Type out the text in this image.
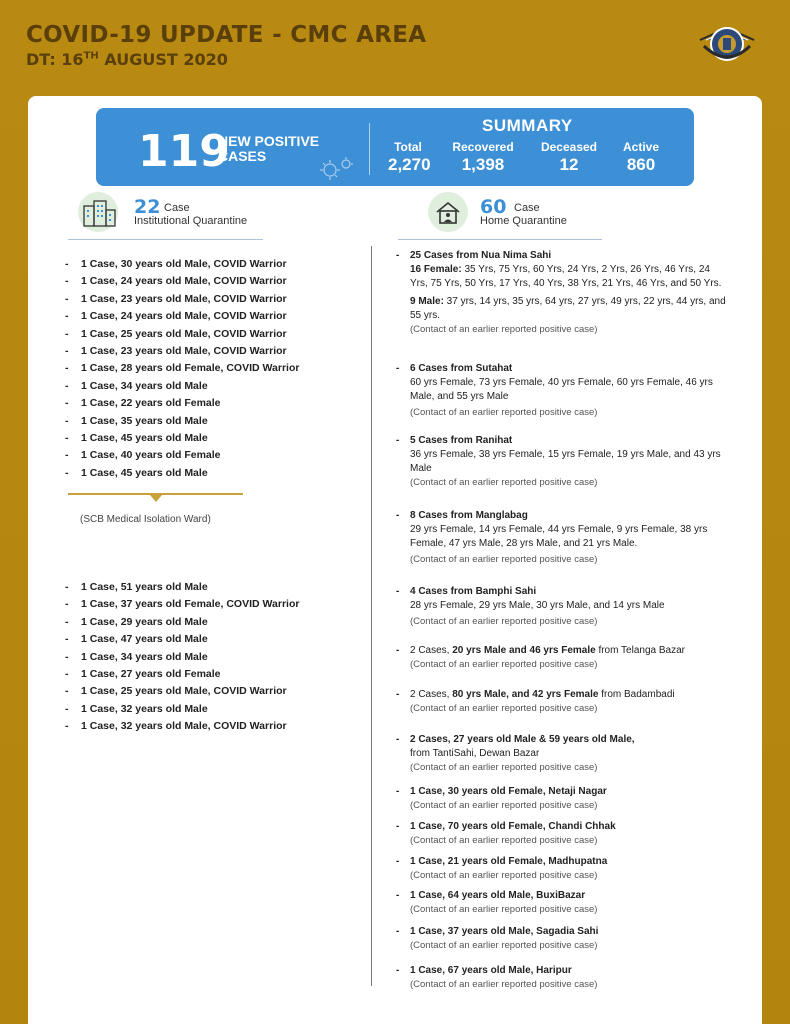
COVID-19 UPDATE - CMC AREA
DT: 16TH AUGUST 2020
119
NEW POSITIVE
CASES
SUMMARY
Total
2,270
Recovered
1,398
Deceased
12
Active
860
22 Case
Institutional Quarantine
60 Case
Home Quarantine
- 1 Case, 30 years old Male, COVID Warrior
- 1 Case, 24 years old Male, COVID Warrior
- 1 Case, 23 years old Male, COVID Warrior
- 1 Case, 24 years old Male, COVID Warrior
- 1 Case, 25 years old Male, COVID Warrior
- 1 Case, 23 years old Male, COVID Warrior
- 1 Case, 28 years old Female, COVID Warrior
- 1 Case, 34 years old Male
- 1 Case, 22 years old Female
- 1 Case, 35 years old Male
- 1 Case, 45 years old Male
- 1 Case, 40 years old Female
- 1 Case, 45 years old Male
(SCB Medical Isolation Ward)
- 1 Case, 51 years old Male
- 1 Case, 37 years old Female, COVID Warrior
- 1 Case, 29 years old Male
- 1 Case, 47 years old Male
- 1 Case, 34 years old Male
- 1 Case, 27 years old Female
- 1 Case, 25 years old Male, COVID Warrior
- 1 Case, 32 years old Male
- 1 Case, 32 years old Male, COVID Warrior
- 25 Cases from Nua Nima Sahi
16 Female: 35 Yrs, 75 Yrs, 60 Yrs, 24 Yrs, 2 Yrs, 26 Yrs, 46 Yrs, 24 Yrs, 75 Yrs, 50 Yrs, 17 Yrs, 40 Yrs, 38 Yrs, 21 Yrs, 46 Yrs, and 50 Yrs.
9 Male: 37 yrs, 14 yrs, 35 yrs, 64 yrs, 27 yrs, 49 yrs, 22 yrs, 44 yrs, and 55 yrs.
(Contact of an earlier reported positive case)
- 6 Cases from Sutahat
60 yrs Female, 73 yrs Female, 40 yrs Female, 60 yrs Female, 46 yrs Male, and 55 yrs Male
(Contact of an earlier reported positive case)
- 5 Cases from Ranihat
36 yrs Female, 38 yrs Female, 15 yrs Female, 19 yrs Male, and 43 yrs Male
(Contact of an earlier reported positive case)
- 8 Cases from Manglabag
29 yrs Female, 14 yrs Female, 44 yrs Female, 9 yrs Female, 38 yrs Female, 47 yrs Male, 28 yrs Male, and 21 yrs Male.
(Contact of an earlier reported positive case)
- 4 Cases from Bamphi Sahi
28 yrs Female, 29 yrs Male, 30 yrs Male, and 14 yrs Male
(Contact of an earlier reported positive case)
- 2 Cases, 20 yrs Male and 46 yrs Female from Telanga Bazar
(Contact of an earlier reported positive case)
- 2 Cases, 80 yrs Male, and 42 yrs Female from Badambadi
(Contact of an earlier reported positive case)
- 2 Cases, 27 years old Male & 59 years old Male,
from TantiSahi, Dewan Bazar
(Contact of an earlier reported positive case)
- 1 Case, 30 years old Female, Netaji Nagar
(Contact of an earlier reported positive case)
- 1 Case, 70 years old Female, Chandi Chhak
(Contact of an earlier reported positive case)
- 1 Case, 21 years old Female, Madhupatna
(Contact of an earlier reported positive case)
- 1 Case, 64 years old Male, BuxiBazar
(Contact of an earlier reported positive case)
- 1 Case, 37 years old Male, Sagadia Sahi
(Contact of an earlier reported positive case)
- 1 Case, 67 years old Male, Haripur
(Contact of an earlier reported positive case)
